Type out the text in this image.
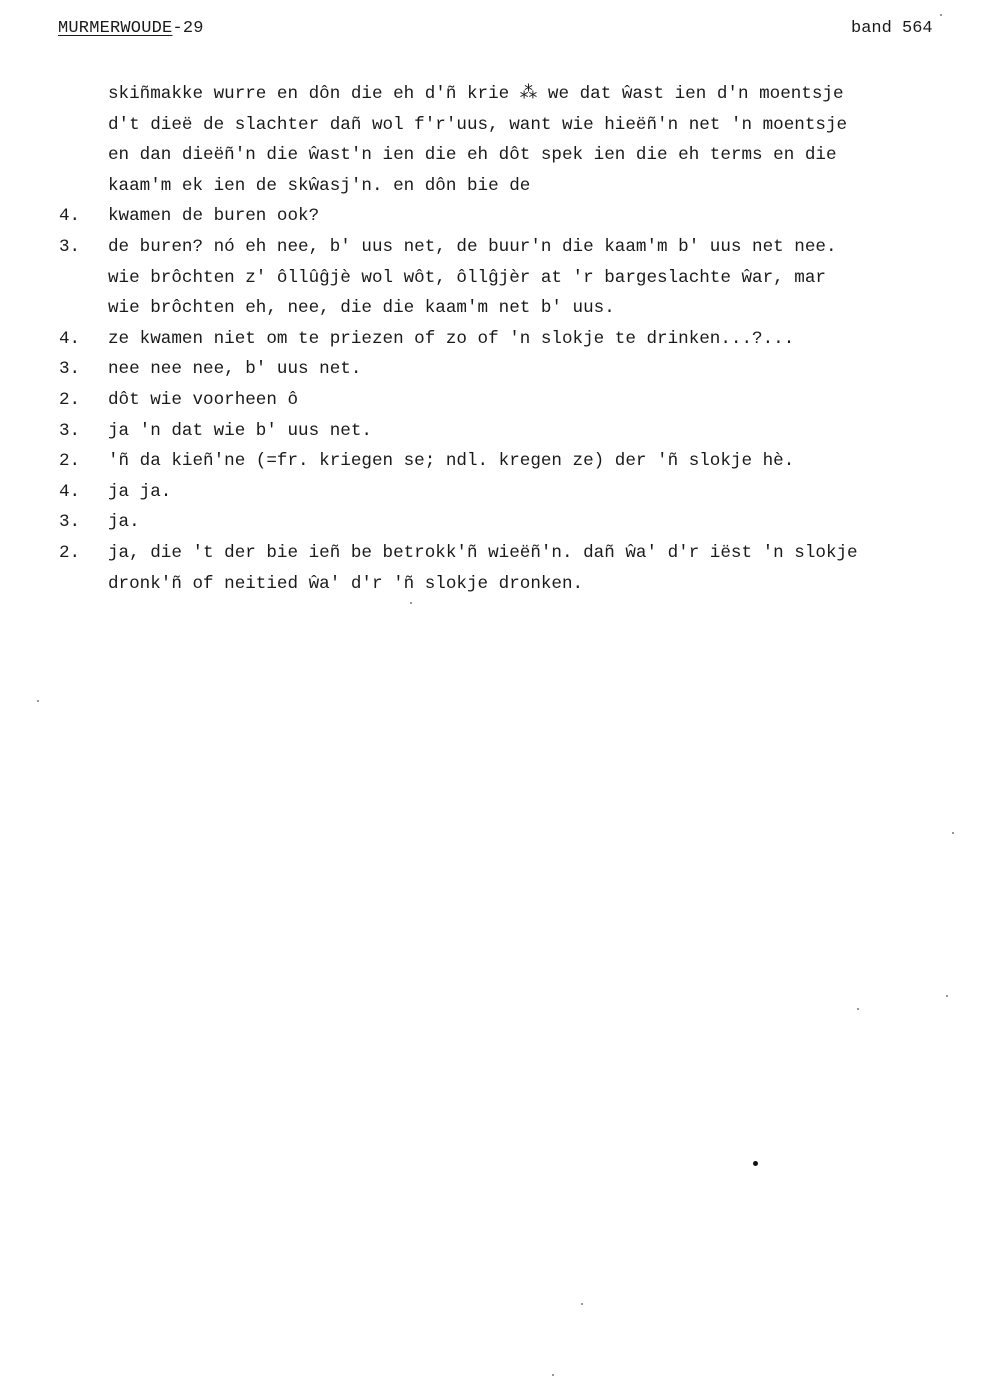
MURMERWOUDE-29	band 564
skiñmakke wurre en dôn die eh d'ñ krie ⁂ we dat ŵast ien d'n moentsje
d't dieë de slachter dañ wol f'r'uus, want wie hieëñ'n net 'n moentsje
en dan dieëñ'n die ŵast'n ien die eh dôt spek ien die eh terms en die
kaam'm ek ien de skŵasj'n. en dôn bie de
4. kwamen de buren ook?
3. de buren? nó eh nee, b' uus net, de buur'n die kaam'm b' uus net nee.
wie brôchten z' ôllûĝjè wol wôt, ôllĝjèr at 'r bargeslachte ŵar, mar
wie brôchten eh, nee, die die kaam'm net b' uus.
4. ze kwamen niet om te priezen of zo of 'n slokje te drinken...?...
3. nee nee nee, b' uus net.
2. dôt wie voorheen ô
3. ja 'n dat wie b' uus net.
2. 'ñ da kieñ'ne (=fr. kriegen se; ndl. kregen ze) der 'ñ slokje hè.
4. ja ja.
3. ja.
2. ja, die 't der bie ieñ be betrokk'ñ wieëñ'n. dañ ŵa' d'r iëst 'n slokje
dronk'ñ of neitied ŵa' d'r 'ñ slokje dronken.
